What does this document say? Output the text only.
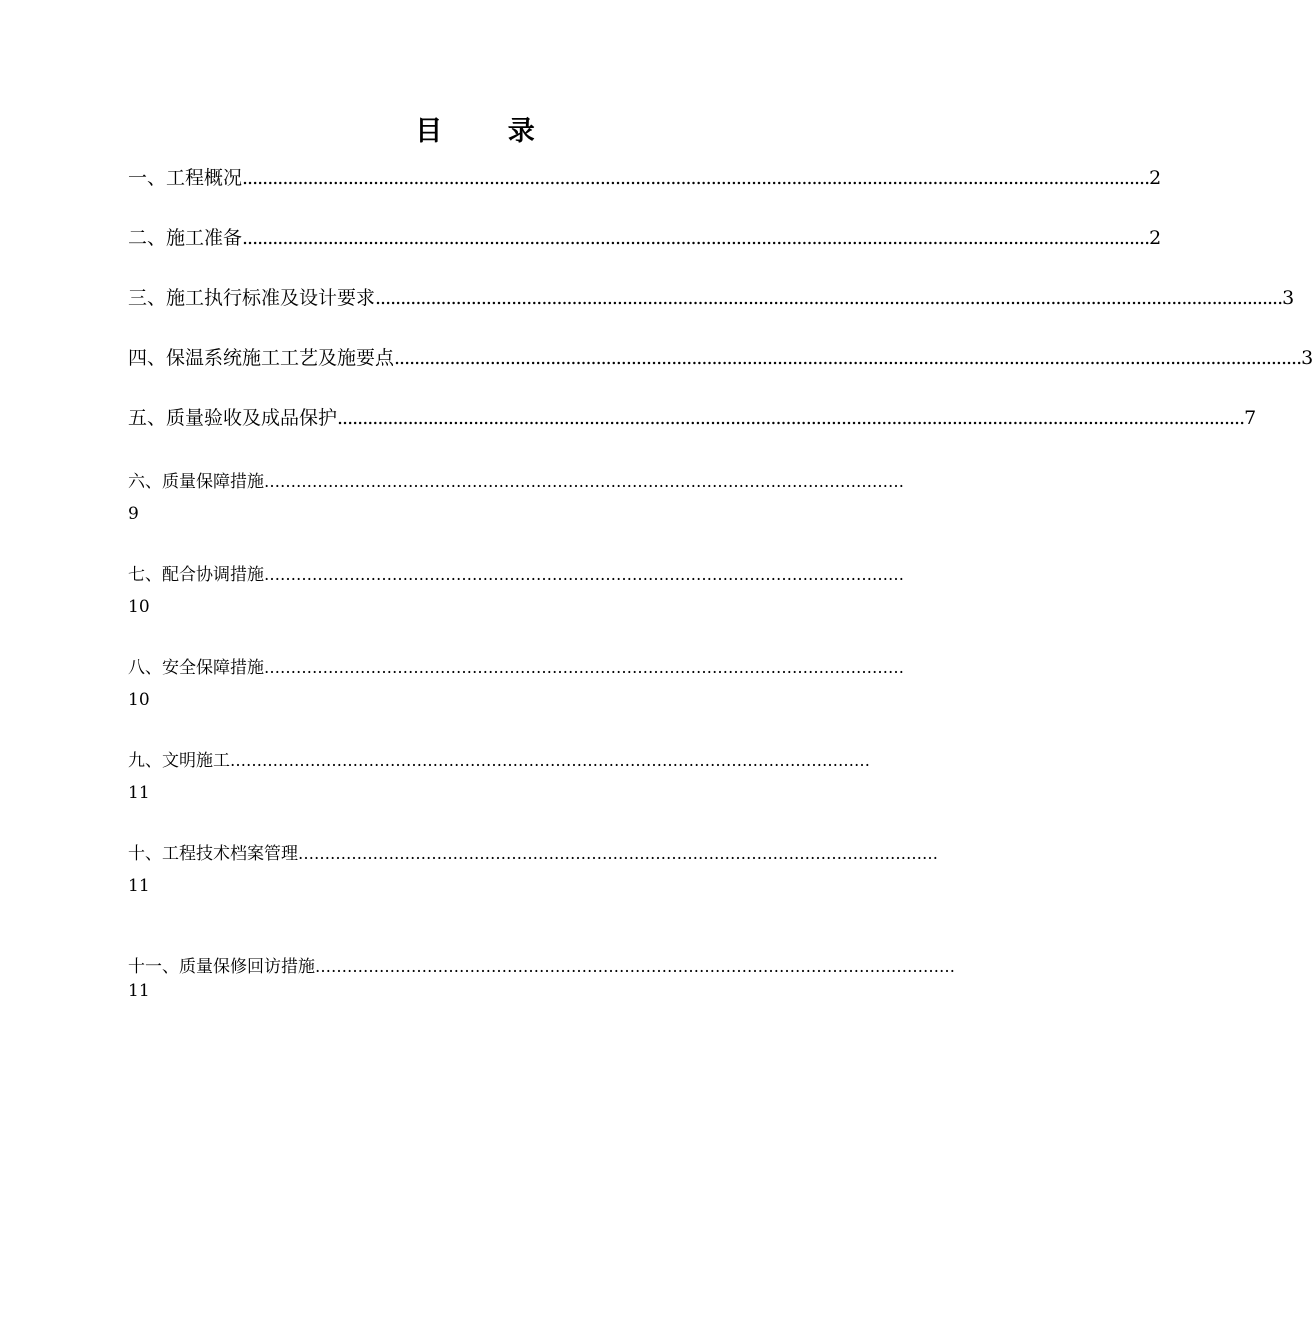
目 录
一、工程概况 .................................................................................................................................................................................... 2
二、施工准备 .................................................................................................................................................................................... 2
三、施工执行标准及设计要求 .................................................................................................................................................................................... 3
四、保温系统施工工艺及施要点 .................................................................................................................................................................................... 3
五、质量验收及成品保护 .................................................................................................................................................................................... 7
六、质量保障措施 …………………………………………………………………………………………………………
9
七、配合协调措施 …………………………………………………………………………………………………………
10
八、安全保障措施 …………………………………………………………………………………………………………
10
九、文明施工 …………………………………………………………………………………………………………
11
十、工程技术档案管理 …………………………………………………………………………………………………………
11
十一、质量保修回访措施 …………………………………………………………………………………………………………
11
